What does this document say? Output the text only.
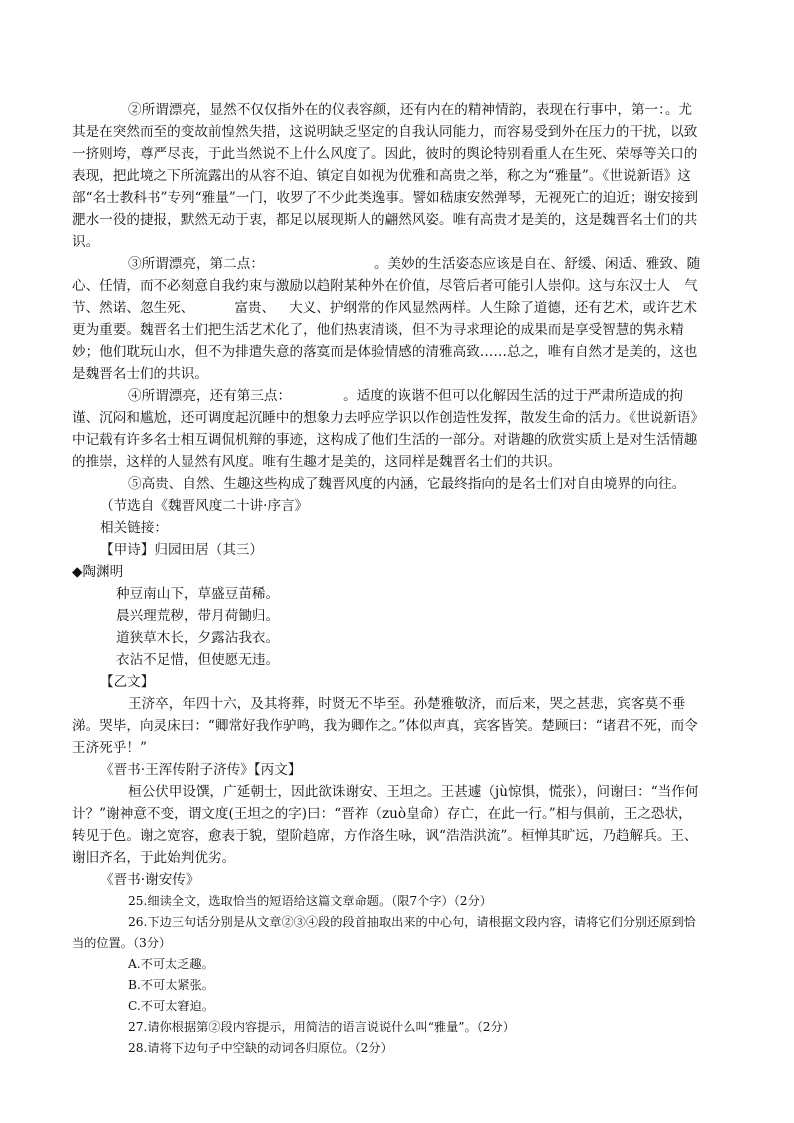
②所谓漂亮，显然不仅仅指外在的仪表容颜，还有内在的精神情韵，表现在行事中，第一：。尤其是在突然而至的变故前惶然失措，这说明缺乏坚定的自我认同能力，而容易受到外在压力的干扰，以致一挤则垮，尊严尽丧，于此当然说不上什么风度了。因此，彼时的舆论特别看重人在生死、荣辱等关口的表现，把此境之下所流露出的从容不迫、镇定自如视为优雅和高贵之举，称之为“雅量”。《世说新语》这部“名士教科书”专列“雅量”一门，收罗了不少此类逸事。譬如嵇康安然弹琴，无视死亡的迫近；谢安接到淝水一役的捷报，默然无动于衷，都足以展现斯人的翩然风姿。唯有高贵才是美的，这是魏晋名士们的共识。

③所谓漂亮，第二点：	。美妙的生活姿态应该是自在、舒缓、闲适、雅致、随心、任情，而不必刻意自我约束与激励以趋附某种外在价值，尽管后者可能引人崇仰。这与东汉士人 气节、然诺、忽生死、	富贵、 大义、护纲常的作风显然两样。人生除了道德，还有艺术，或许艺术更为重要。魏晋名士们把生活艺术化了，他们热衷清谈，但不为寻求理论的成果而是享受智慧的隽永精妙；他们耽玩山水，但不为排遣失意的落寞而是体验情感的清雅高致……总之，唯有自然才是美的，这也是魏晋名士们的共识。

④所谓漂亮，还有第三点：	。适度的诙谐不但可以化解因生活的过于严肃所造成的拘谨、沉闷和尴尬，还可调度起沉睡中的想象力去呼应学识以作创造性发挥，散发生命的活力。《世说新语》中记载有许多名士相互调侃机辩的事迹，这构成了他们生活的一部分。对谐趣的欣赏实质上是对生活情趣的推崇，这样的人显然有风度。唯有生趣才是美的，这同样是魏晋名士们的共识。

⑤高贵、自然、生趣这些构成了魏晋风度的内涵，它最终指向的是名士们对自由境界的向往。

（节选自《魏晋风度二十讲·序言》

相关链接：

【甲诗】归园田居（其三）

◆陶渊明

种豆南山下，草盛豆苗稀。

晨兴理荒秽，带月荷锄归。

道狭草木长，夕露沾我衣。

衣沾不足惜，但使愿无违。

【乙文】

王济卒，年四十六，及其将葬，时贤无不毕至。孙楚雅敬济，而后来，哭之甚悲，宾客莫不垂涕。哭毕，向灵床曰：“卿常好我作驴鸣，我为卿作之。”体似声真，宾客皆笑。楚顾曰：“诸君不死，而令王济死乎！”

《晋书·王浑传附子济传》【丙文】

桓公伏甲设馔，广延朝士，因此欲诛谢安、王坦之。王甚遽（jù惊惧，慌张），问谢曰：“当作何计？”谢神意不变，谓文度(王坦之的字)曰：“晋祚（zuò皇命）存亡，在此一行。”相与俱前，王之恐状，转见于色。谢之宽容，愈表于貌，望阶趋席，方作洛生咏，讽“浩浩洪流”。桓惮其旷远，乃趋解兵。王、谢旧齐名，于此始判优劣。

《晋书·谢安传》

25.细读全文，选取恰当的短语给这篇文章命题。（限7个字）（2分）

26.下边三句话分别是从文章②③④段的段首抽取出来的中心句，请根据文段内容，请将它们分别还原到恰当的位置。（3分）

A.不可太乏趣。

B.不可太紧张。

C.不可太窘迫。

27.请你根据第②段内容提示，用简洁的语言说说什么叫“雅量”。（2分）

28.请将下边句子中空缺的动词各归原位。（2分）
